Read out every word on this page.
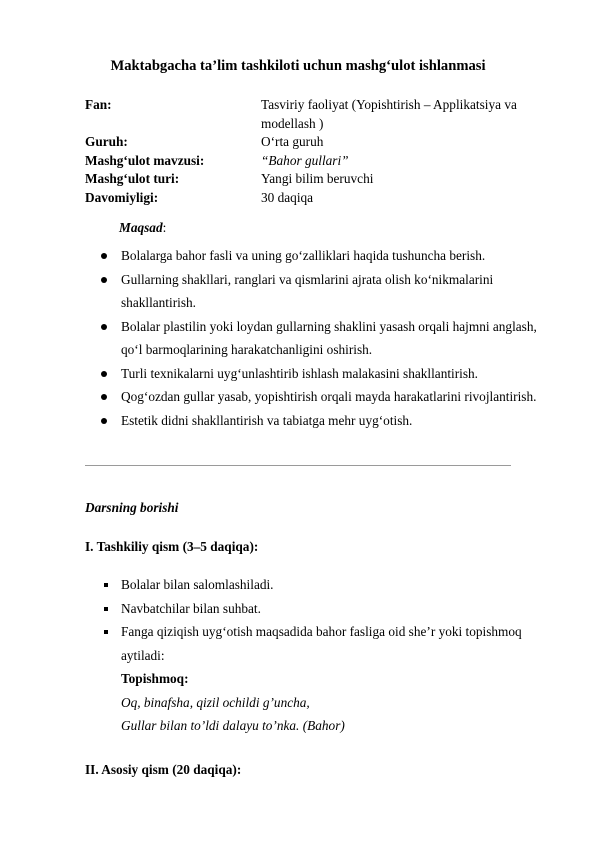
Maktabgacha ta’lim tashkiloti uchun mashg‘ulot ishlanmasi
Fan:	Tasviriy faoliyat (Yopishtirish – Applikatsiya va modellash )
Guruh:	O‘rta guruh
Mashg‘ulot mavzusi:	“Bahor gullari”
Mashg‘ulot turi:	Yangi bilim beruvchi
Davomiyligi:	30 daqiqa
Maqsad:
Bolalarga bahor fasli va uning go‘zalliklari haqida tushuncha berish.
Gullarning shakllari, ranglari va qismlarini ajrata olish ko‘nikmalarini shakllantirish.
Bolalar plastilin yoki loydan gullarning shaklini yasash orqali hajmni anglash, qo‘l barmoqlarining harakatchanligini oshirish.
Turli texnikalarni uyg‘unlashtirib ishlash malakasini shakllantirish.
Qog‘ozdan gullar yasab, yopishtirish orqali mayda harakatlarini rivojlantirish.
Estetik didni shakllantirish va tabiatga mehr uyg‘otish.
Darsning borishi
I. Tashkiliy qism (3–5 daqiqa):
Bolalar bilan salomlashiladi.
Navbatchilar bilan suhbat.
Fanga qiziqish uyg‘otish maqsadida bahor fasliga oid she’r yoki topishmoq aytiladi:
Topishmoq:
Oq, binafsha, qizil ochildi g’uncha,
Gullar bilan to’ldi dalayu to’nka. (Bahor)
II. Asosiy qism (20 daqiqa):
